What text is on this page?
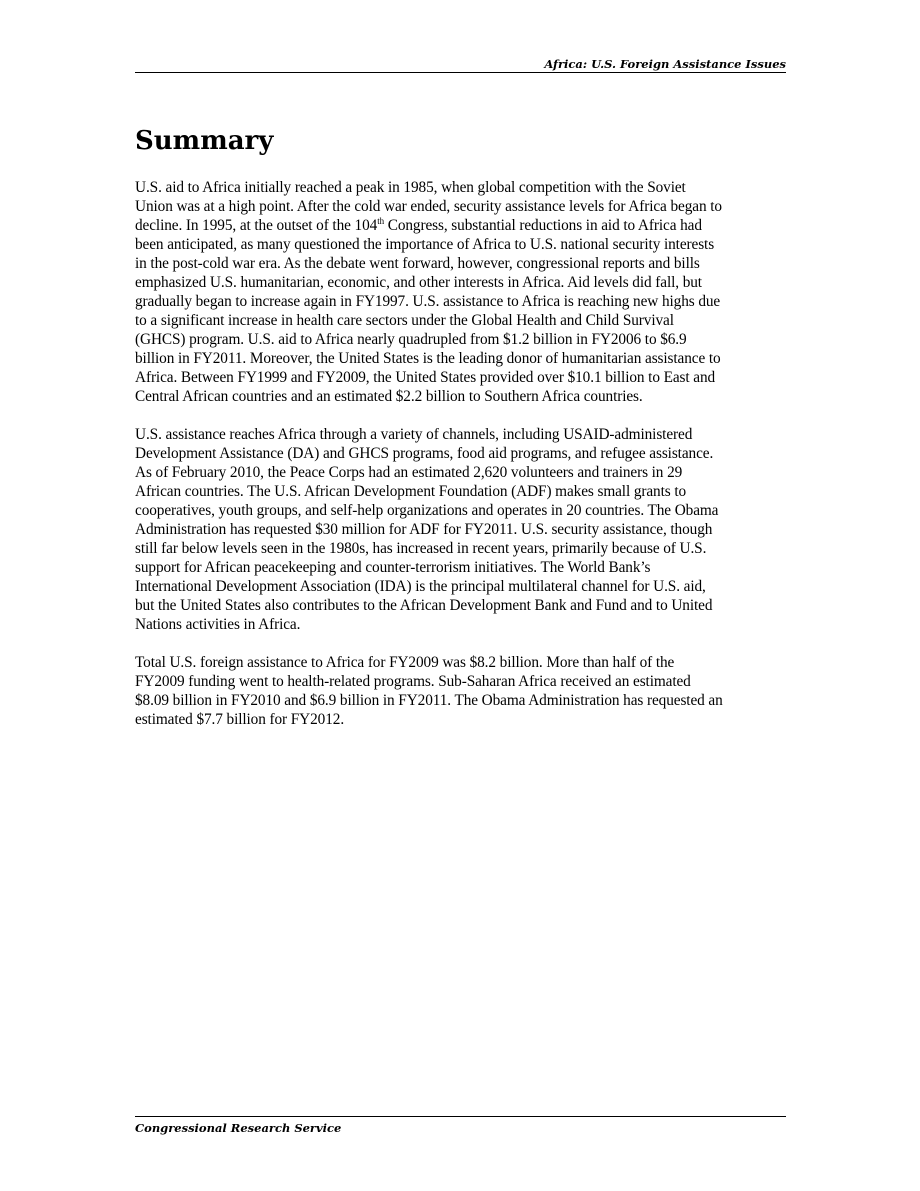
Africa: U.S. Foreign Assistance Issues
Summary

U.S. aid to Africa initially reached a peak in 1985, when global competition with the Soviet
Union was at a high point. After the cold war ended, security assistance levels for Africa began to
decline. In 1995, at the outset of the 104th Congress, substantial reductions in aid to Africa had
been anticipated, as many questioned the importance of Africa to U.S. national security interests
in the post-cold war era. As the debate went forward, however, congressional reports and bills
emphasized U.S. humanitarian, economic, and other interests in Africa. Aid levels did fall, but
gradually began to increase again in FY1997. U.S. assistance to Africa is reaching new highs due
to a significant increase in health care sectors under the Global Health and Child Survival
(GHCS) program. U.S. aid to Africa nearly quadrupled from $1.2 billion in FY2006 to $6.9
billion in FY2011. Moreover, the United States is the leading donor of humanitarian assistance to
Africa. Between FY1999 and FY2009, the United States provided over $10.1 billion to East and
Central African countries and an estimated $2.2 billion to Southern Africa countries.

U.S. assistance reaches Africa through a variety of channels, including USAID-administered
Development Assistance (DA) and GHCS programs, food aid programs, and refugee assistance.
As of February 2010, the Peace Corps had an estimated 2,620 volunteers and trainers in 29
African countries. The U.S. African Development Foundation (ADF) makes small grants to
cooperatives, youth groups, and self-help organizations and operates in 20 countries. The Obama
Administration has requested $30 million for ADF for FY2011. U.S. security assistance, though
still far below levels seen in the 1980s, has increased in recent years, primarily because of U.S.
support for African peacekeeping and counter-terrorism initiatives. The World Bank’s
International Development Association (IDA) is the principal multilateral channel for U.S. aid,
but the United States also contributes to the African Development Bank and Fund and to United
Nations activities in Africa.

Total U.S. foreign assistance to Africa for FY2009 was $8.2 billion. More than half of the
FY2009 funding went to health-related programs. Sub-Saharan Africa received an estimated
$8.09 billion in FY2010 and $6.9 billion in FY2011. The Obama Administration has requested an
estimated $7.7 billion for FY2012.

Congressional Research Service
